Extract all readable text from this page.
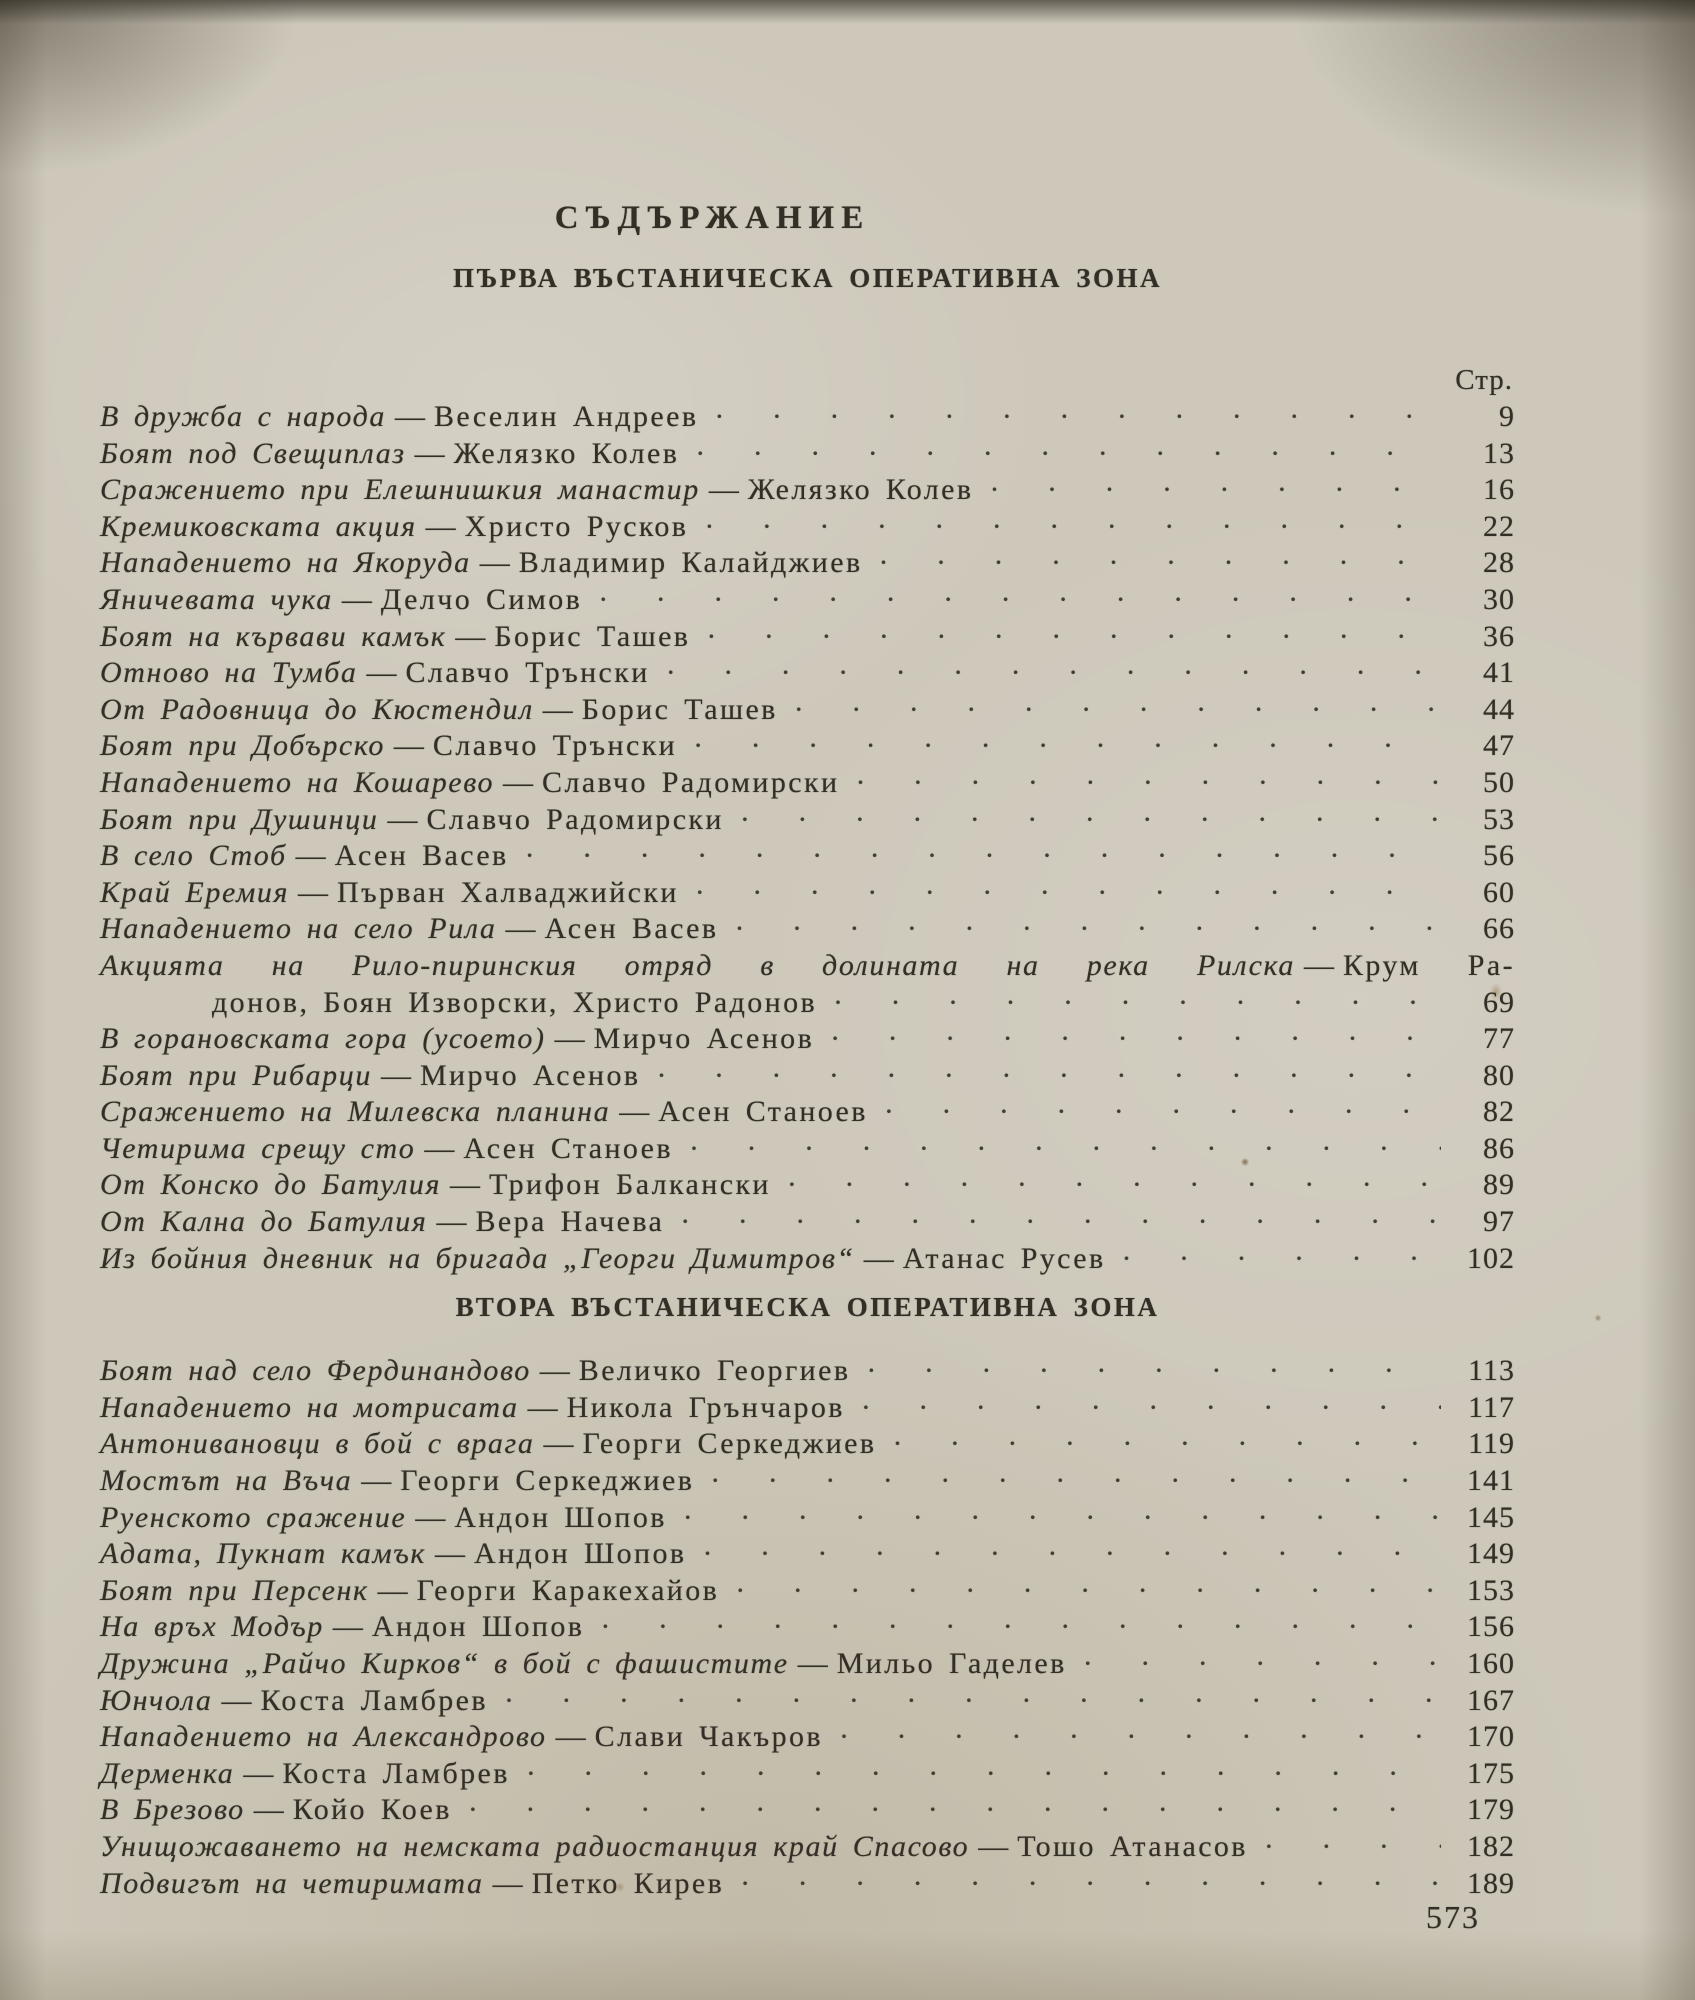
СЪДЪРЖАНИЕ
ПЪРВА ВЪСТАНИЧЕСКА ОПЕРАТИВНА ЗОНА
Стр.
В дружба с народа — Веселин Андреев · · ·	9
Боят под Свещиплаз — Желязко Колев · · ·	13
Сражението при Елешнишкия манастир — Желязко Колев · · ·	16
Кремиковската акция — Христо Русков · · ·	22
Нападението на Якоруда — Владимир Калайджиев · · ·	28
Яничевата чука — Делчо Симов · · ·	30
Боят на кървави камък — Борис Ташев · · ·	36
Отново на Тумба — Славчо Трънски · · ·	41
От Радовница до Кюстендил — Борис Ташев · · ·	44
Боят при Добърско — Славчо Трънски · · ·	47
Нападението на Кошарево — Славчо Радомирски · · ·	50
Боят при Душинци — Славчо Радомирски · · ·	53
В село Стоб — Асен Васев · · ·	56
Край Еремия — Първан Халваджийски · · ·	60
Нападението на село Рила — Асен Васев · · ·	66
Акцията на Рило-пиринския отряд в долината на река Рилска — Крум Ра-
донов, Боян Изворски, Христо Радонов · · ·	69
В горановската гора (усоето) — Мирчо Асенов · · ·	77
Боят при Рибарци — Мирчо Асенов · · ·	80
Сражението на Милевска планина — Асен Станоев · · ·	82
Четирима срещу сто — Асен Станоев · · ·	86
От Конско до Батулия — Трифон Балкански · · ·	89
От Кална до Батулия — Вера Начева · · ·	97
Из бойния дневник на бригада „Георги Димитров“ — Атанас Русев · · ·	102
ВТОРА ВЪСТАНИЧЕСКА ОПЕРАТИВНА ЗОНА
Боят над село Фердинандово — Величко Георгиев · · ·	113
Нападението на мотрисата — Никола Грънчаров · · ·	117
Антонивановци в бой с врага — Георги Серкеджиев · · ·	119
Мостът на Въча — Георги Серкеджиев · · ·	141
Руенското сражение — Андон Шопов · · ·	145
Адата, Пукнат камък — Андон Шопов · · ·	149
Боят при Персенк — Георги Каракехайов · · ·	153
На връх Модър — Андон Шопов · · ·	156
Дружина „Райчо Кирков“ в бой с фашистите — Мильо Гаделев · · ·	160
Юнчола — Коста Ламбрев · · ·	167
Нападението на Александрово — Слави Чакъров · · ·	170
Дерменка — Коста Ламбрев · · ·	175
В Брезово — Койо Коев · · ·	179
Унищожаването на немската радиостанция край Спасово — Тошо Атанасов · · ·	182
Подвигът на четиримата — Петко Кирев · · ·	189
573
